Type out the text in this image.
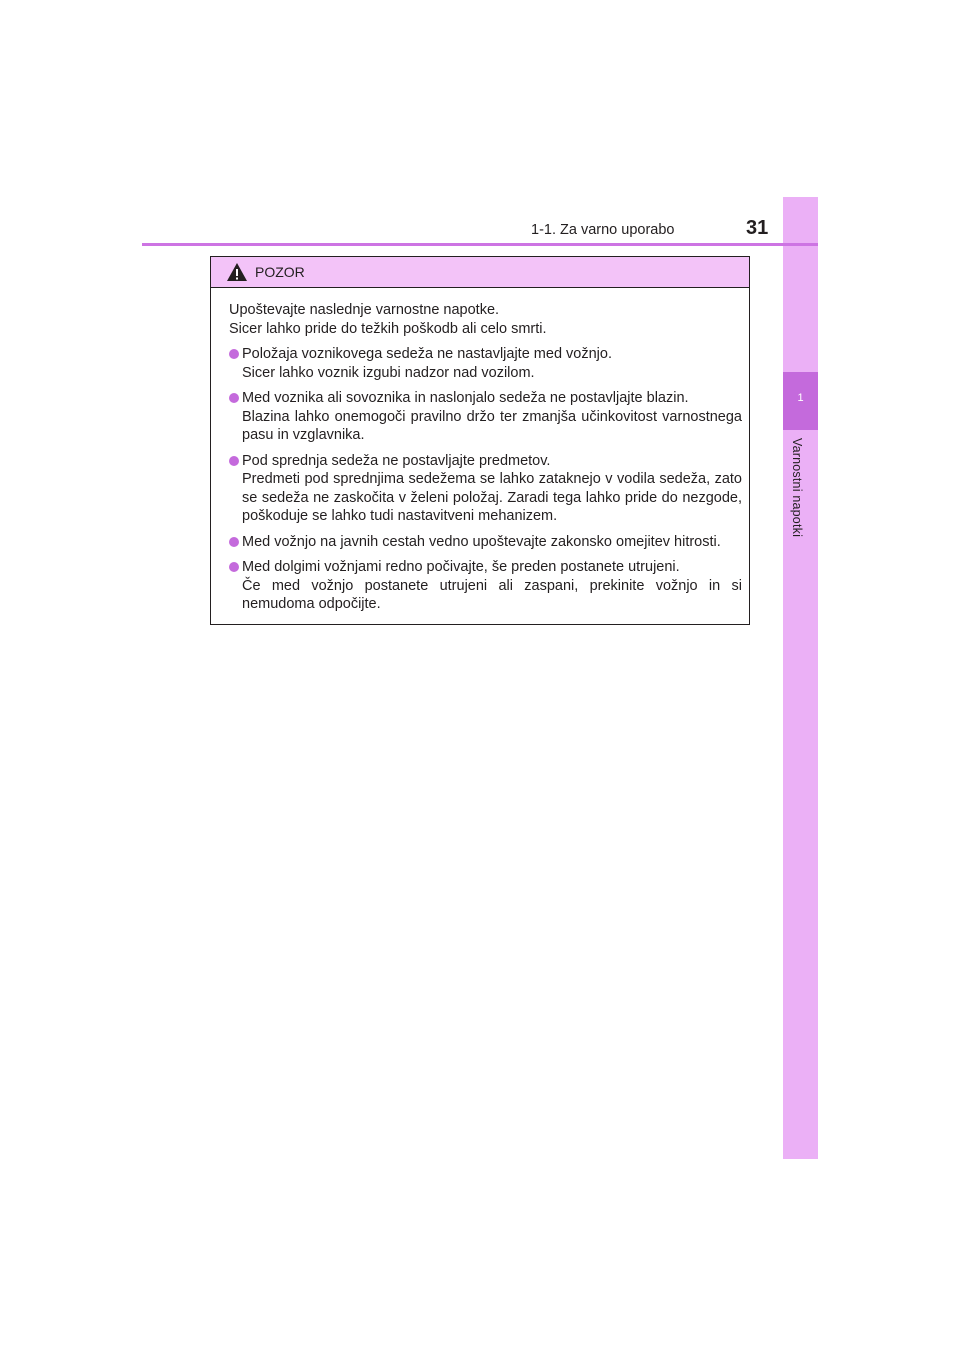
1
Varnostni napotki
1-1. Za varno uporabo	31
POZOR
Upoštevajte naslednje varnostne napotke.
Sicer lahko pride do težkih poškodb ali celo smrti.
Položaja voznikovega sedeža ne nastavljajte med vožnjo.
Sicer lahko voznik izgubi nadzor nad vozilom.
Med voznika ali sovoznika in naslonjalo sedeža ne postavljajte blazin.
Blazina lahko onemogoči pravilno držo ter zmanjša učinkovitost varnostnega pasu in vzglavnika.
Pod sprednja sedeža ne postavljajte predmetov.
Predmeti pod sprednjima sedežema se lahko zataknejo v vodila sedeža, zato se sedeža ne zaskočita v želeni položaj. Zaradi tega lahko pride do nezgode, poškoduje se lahko tudi nastavitveni mehanizem.
Med vožnjo na javnih cestah vedno upoštevajte zakonsko omejitev hitrosti.
Med dolgimi vožnjami redno počivajte, še preden postanete utrujeni.
Če med vožnjo postanete utrujeni ali zaspani, prekinite vožnjo in si nemudoma odpočijte.
